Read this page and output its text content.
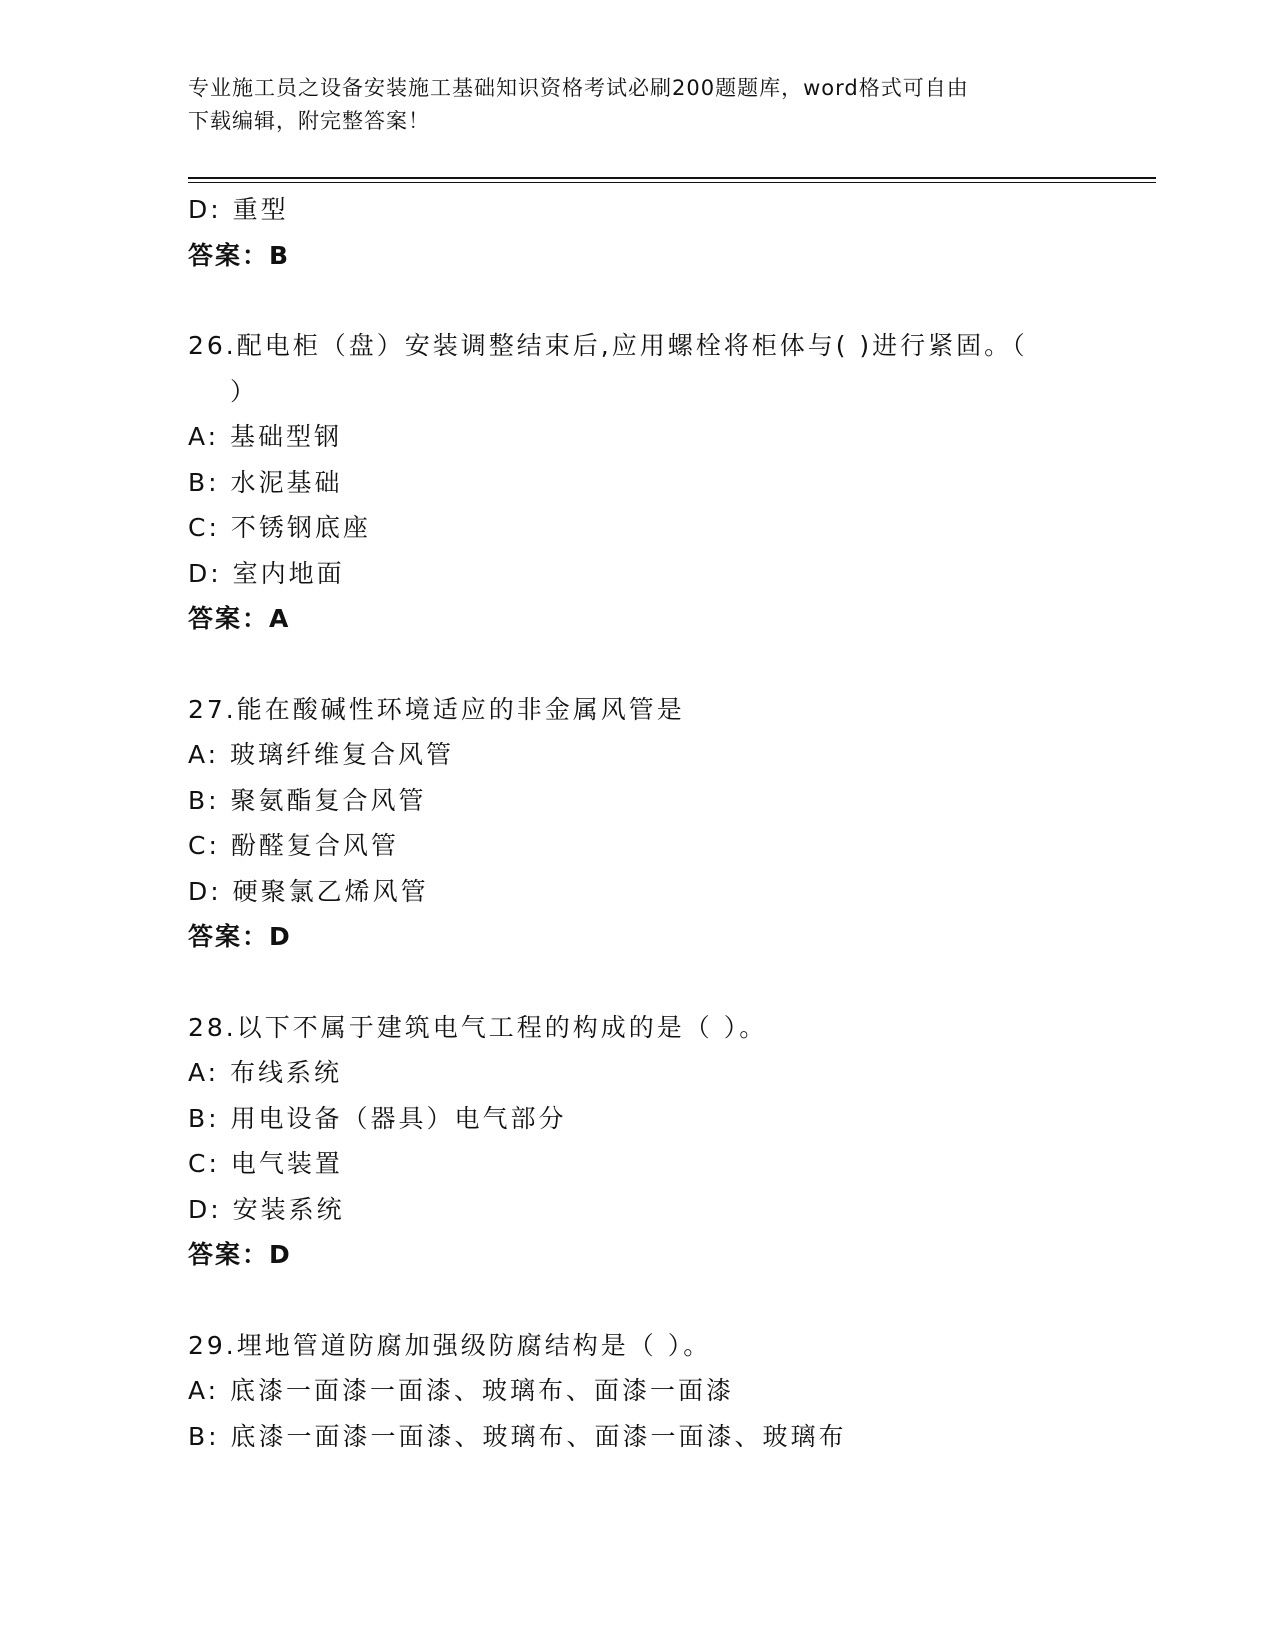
专业施工员之设备安装施工基础知识资格考试必刷200题题库，word格式可自由
下载编辑，附完整答案！
D: 重型
答案：B
26.配电柜（盘）安装调整结束后,应用螺栓将柜体与( )进行紧固。（
）
A: 基础型钢
B: 水泥基础
C: 不锈钢底座
D: 室内地面
答案：A
27.能在酸碱性环境适应的非金属风管是
A: 玻璃纤维复合风管
B: 聚氨酯复合风管
C: 酚醛复合风管
D: 硬聚氯乙烯风管
答案：D
28.以下不属于建筑电气工程的构成的是（ ）。
A: 布线系统
B: 用电设备（器具）电气部分
C: 电气装置
D: 安装系统
答案：D
29.埋地管道防腐加强级防腐结构是（ ）。
A: 底漆一面漆一面漆、玻璃布、面漆一面漆
B: 底漆一面漆一面漆、玻璃布、面漆一面漆、玻璃布
